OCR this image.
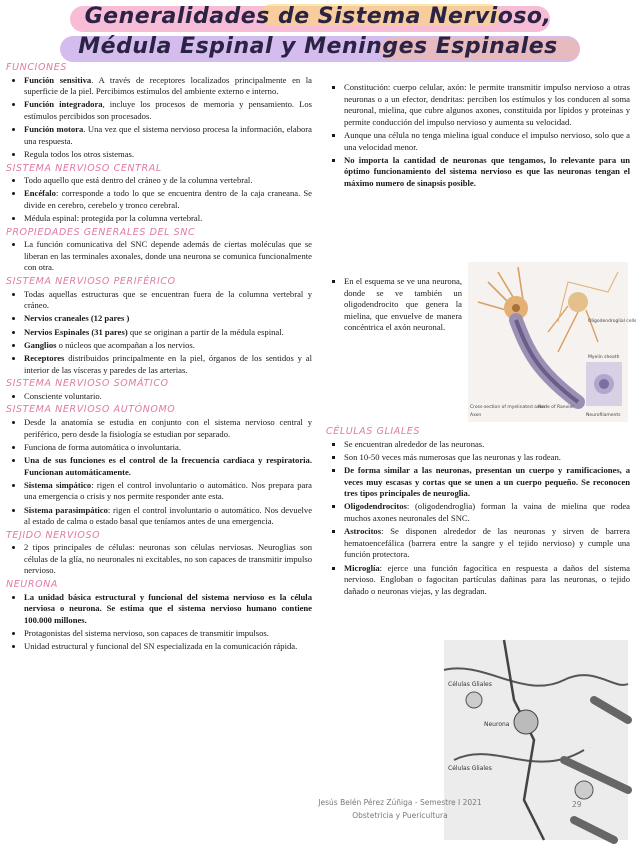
Generalidades de Sistema Nervioso,
Médula Espinal y Meninges Espinales
FUNCIONES
• Función sensitiva. A través de receptores localizados principalmente en la superficie de la piel. Percibimos estímulos del ambiente externo e interno.
• Función integradora, incluye los procesos de memoria y pensamiento. Los estímulos percibidos son procesados.
• Función motora. Una vez que el sistema nervioso procesa la información, elabora una respuesta.
• Regula todos los otros sistemas.
SISTEMA NERVIOSO CENTRAL
• Todo aquello que está dentro del cráneo y de la columna vertebral.
• Encéfalo: corresponde a todo lo que se encuentra dentro de la caja craneana. Se divide en cerebro, cerebelo y tronco cerebral.
• Médula espinal: protegida por la columna vertebral.
PROPIEDADES GENERALES DEL SNC
• La función comunicativa del SNC depende además de ciertas moléculas que se liberan en las terminales axonales, donde una neurona se comunica funcionalmente con otra.
SISTEMA NERVIOSO PERIFÉRICO
• Todas aquellas estructuras que se encuentran fuera de la columna vertebral y cráneo.
• Nervios craneales (12 pares )
• Nervios Espinales (31 pares) que se originan a partir de la médula espinal.
• Ganglios o núcleos que acompañan a los nervios.
• Receptores distribuidos principalmente en la piel, órganos de los sentidos y al interior de las vísceras y paredes de las arterias.
SISTEMA NERVIOSO SOMÁTICO
• Consciente voluntario.
SISTEMA NERVIOSO AUTÓNOMO
• Desde la anatomía se estudia en conjunto con el sistema nervioso central y periférico, pero desde la fisiología se estudian por separado.
• Funciona de forma automática o involuntaria.
• Una de sus funciones es el control de la frecuencia cardiaca y respiratoria. Funcionan automáticamente.
• Sistema simpático: rigen el control involuntario o automático. Nos prepara para una emergencia o crisis y nos permite responder ante esta.
• Sistema parasimpático: rigen el control involuntario o automático. Nos devuelve al estado de calma o estado basal que teníamos antes de una emergencia.
TEJIDO NERVIOSO
• 2 tipos principales de células: neuronas son células nerviosas. Neuroglias son células de la glía, no neuronales ni excitables, no son capaces de transmitir impulso nervioso.
NEURONA
• La unidad básica estructural y funcional del sistema nervioso es la célula nerviosa o neurona. Se estima que el sistema nervioso humano contiene 100.000 millones.
• Protagonistas del sistema nervioso, son capaces de transmitir impulsos.
• Unidad estructural y funcional del SN especializada en la comunicación rápida.
▪ Constitución: cuerpo celular, axón: le permite transmitir impulso nervioso a otras neuronas o a un efector, dendritas: perciben los estímulos y los conducen al soma neuronal, mielina, que cubre algunos axones, constituida por lípidos y proteínas y permite conducción del impulso nervioso y aumenta su velocidad.
▪ Aunque una célula no tenga mielina igual conduce el impulso nervioso, solo que a una velocidad menor.
▪ No importa la cantidad de neuronas que tengamos, lo relevante para un óptimo funcionamiento del sistema nervioso es que las neuronas tengan el máximo numero de sinapsis posible.
▪ En el esquema se ve una neurona, donde se ve también un oligodendrocito que genera la mielina, que envuelve de manera concéntrica el axón neuronal.
Oligodendroglial cells
Myelin sheath
Node of Ranvier
Neurofilaments
Cross-section of myelinated axon
Axon
CÉLULAS GLIALES
▪ Se encuentran alrededor de las neuronas.
▪ Son 10-50 veces más numerosas que las neuronas y las rodean.
▪ De forma similar a las neuronas, presentan un cuerpo y ramificaciones, a veces muy escasas y cortas que se unen a un cuerpo pequeño. Se reconocen tres tipos principales de neuroglia.
▪ Oligodendrocitos: (oligodendroglia) forman la vaina de mielina que rodea muchos axones neuronales del SNC.
▪ Astrocitos: Se disponen alrededor de las neuronas y sirven de barrera hematoencefálica (barrera entre la sangre y el tejido nervioso) y cumple una función protectora.
▪ Microglía: ejerce una función fagocítica en respuesta a daños del sistema nervioso. Engloban o fagocitan partículas dañinas para las neuronas, o tejido dañado o neuronas viejas, y las degradan.
Células Gliales
Neurona
Células Gliales
Jesús Belén Pérez Zúñiga - Semestre I 2021
Obstetricia y Puericultura
29
